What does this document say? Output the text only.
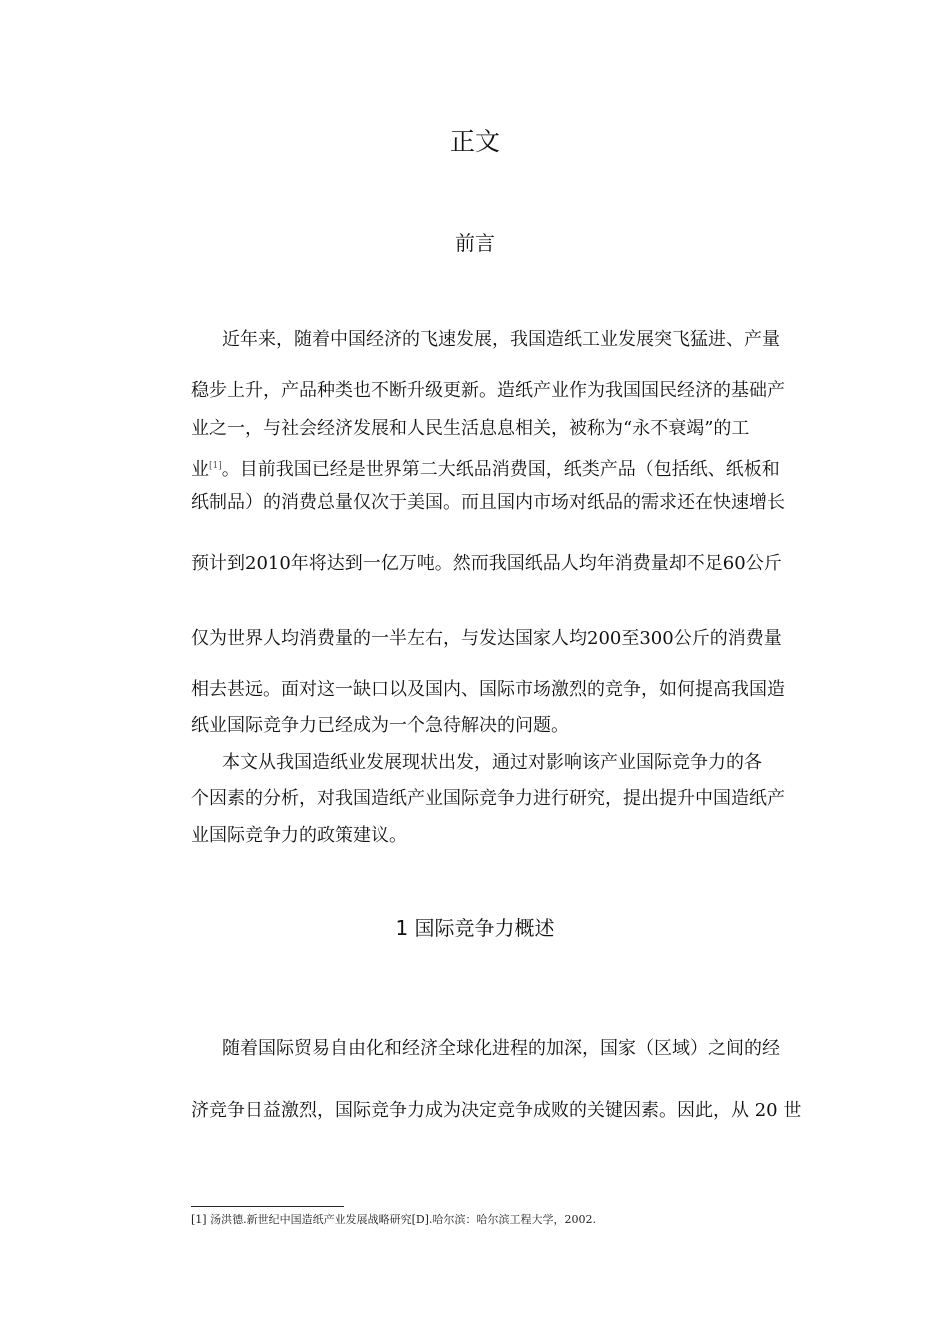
正文
前言
近年来，随着中国经济的飞速发展，我国造纸工业发展突飞猛进、产量
稳步上升，产品种类也不断升级更新。造纸产业作为我国国民经济的基础产
业之一，与社会经济发展和人民生活息息相关，被称为“永不衰竭”的工
业[1]。目前我国已经是世界第二大纸品消费国，纸类产品（包括纸、纸板和
纸制品）的消费总量仅次于美国。而且国内市场对纸品的需求还在快速增长
预计到2010年将达到一亿万吨。然而我国纸品人均年消费量却不足60公斤
仅为世界人均消费量的一半左右，与发达国家人均200至300公斤的消费量
相去甚远。面对这一缺口以及国内、国际市场激烈的竞争，如何提高我国造
纸业国际竞争力已经成为一个急待解决的问题。
本文从我国造纸业发展现状出发，通过对影响该产业国际竞争力的各
个因素的分析，对我国造纸产业国际竞争力进行研究，提出提升中国造纸产
业国际竞争力的政策建议。
1 国际竞争力概述
随着国际贸易自由化和经济全球化进程的加深，国家（区域）之间的经
济竞争日益激烈，国际竞争力成为决定竞争成败的关键因素。因此，从 20 世
[1] 汤洪德.新世纪中国造纸产业发展战略研究[D].哈尔滨：哈尔滨工程大学，2002.
